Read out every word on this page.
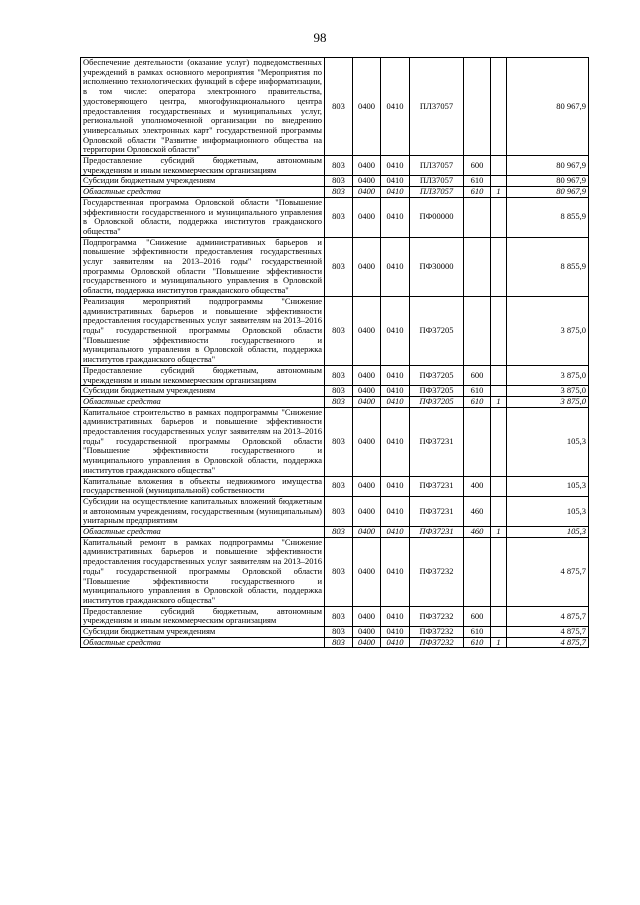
98
Обеспечение деятельности (оказание услуг) подведомственных учреждений в рамках основного мероприятия "Мероприятия по исполнению технологических функций в сфере информатизации, в том числе: оператора электронного правительства, удостоверяющего центра, многофункционального центра предоставления государственных и муниципальных услуг, региональной уполномоченной организации по внедрению универсальных электронных карт" государственной программы Орловской области "Развитие информационного общества на территории Орловской области"	803	0400	0410	ПЛ37057			80 967,9
Предоставление субсидий бюджетным, автономным учреждениям и иным некоммерческим организациям	803	0400	0410	ПЛ37057	600		80 967,9
Субсидии бюджетным учреждениям	803	0400	0410	ПЛ37057	610		80 967,9
Областные средства	803	0400	0410	ПЛ37057	610	1	80 967,9
Государственная программа Орловской области "Повышение эффективности государственного и муниципального управления в Орловской области, поддержка институтов гражданского общества"	803	0400	0410	ПФ00000			8 855,9
Подпрограмма "Снижение административных барьеров и повышение эффективности предоставления государственных услуг заявителям на 2013–2016 годы" государственной программы Орловской области "Повышение эффективности государственного и муниципального управления в Орловской области, поддержка институтов гражданского общества"	803	0400	0410	ПФ30000			8 855,9
Реализация мероприятий подпрограммы "Снижение административных барьеров и повышение эффективности предоставления государственных услуг заявителям на 2013–2016 годы" государственной программы Орловской области "Повышение эффективности государственного и муниципального управления в Орловской области, поддержка институтов гражданского общества"	803	0400	0410	ПФ37205			3 875,0
Предоставление субсидий бюджетным, автономным учреждениям и иным некоммерческим организациям	803	0400	0410	ПФ37205	600		3 875,0
Субсидии бюджетным учреждениям	803	0400	0410	ПФ37205	610		3 875,0
Областные средства	803	0400	0410	ПФ37205	610	1	3 875,0
Капитальное строительство в рамках подпрограммы "Снижение административных барьеров и повышение эффективности предоставления государственных услуг заявителям на 2013–2016 годы" государственной программы Орловской области "Повышение эффективности государственного и муниципального управления в Орловской области, поддержка институтов гражданского общества"	803	0400	0410	ПФ37231			105,3
Капитальные вложения в объекты недвижимого имущества государственной (муниципальной) собственности	803	0400	0410	ПФ37231	400		105,3
Субсидии на осуществление капитальных вложений бюджетным и автономным учреждениям, государственным (муниципальным) унитарным предприятиям	803	0400	0410	ПФ37231	460		105,3
Областные средства	803	0400	0410	ПФ37231	460	1	105,3
Капитальный ремонт в рамках подпрограммы "Снижение административных барьеров и повышение эффективности предоставления государственных услуг заявителям на 2013–2016 годы" государственной программы Орловской области "Повышение эффективности государственного и муниципального управления в Орловской области, поддержка институтов гражданского общества"	803	0400	0410	ПФ37232			4 875,7
Предоставление субсидий бюджетным, автономным учреждениям и иным некоммерческим организациям	803	0400	0410	ПФ37232	600		4 875,7
Субсидии бюджетным учреждениям	803	0400	0410	ПФ37232	610		4 875,7
Областные средства	803	0400	0410	ПФ37232	610	1	4 875,7
